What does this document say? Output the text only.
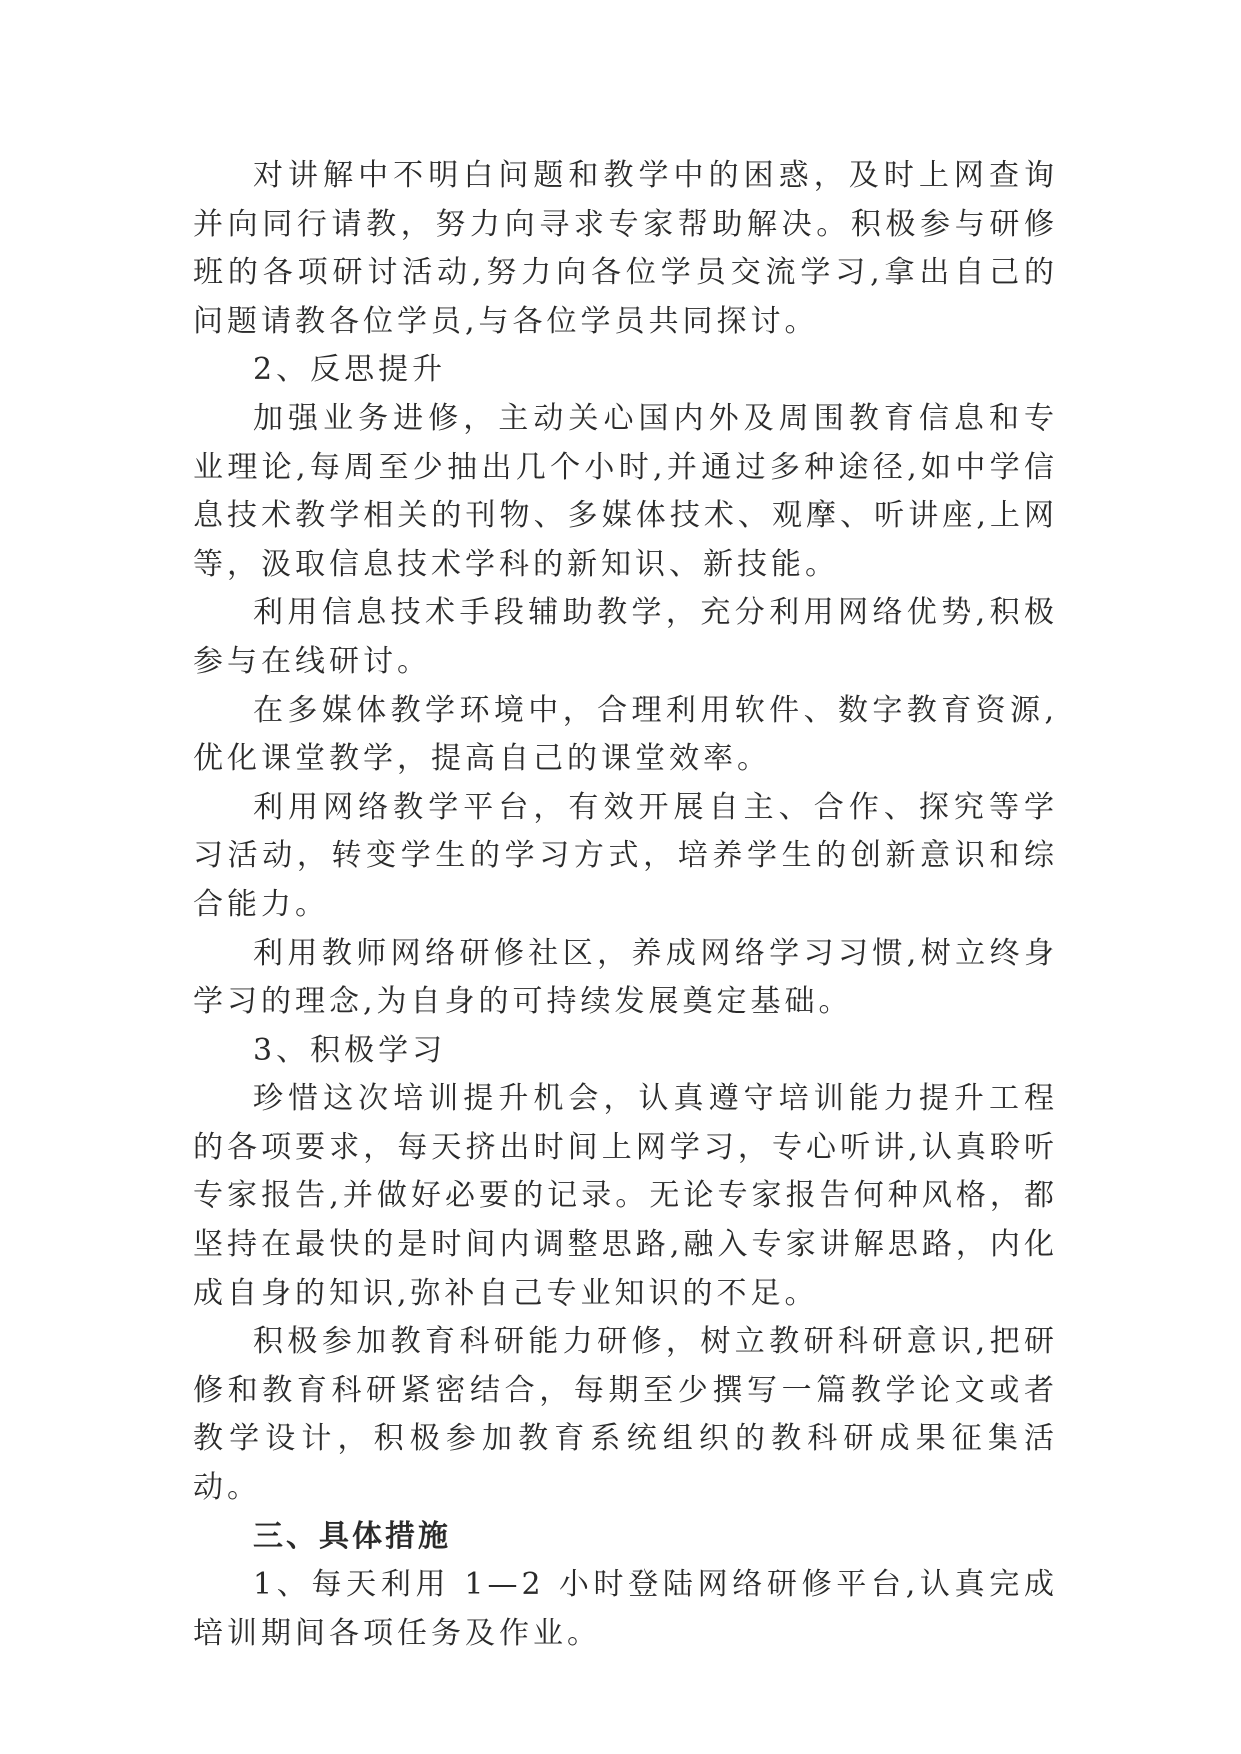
对讲解中不明白问题和教学中的困惑，及时上网查询并向同行请教，努力向寻求专家帮助解决。积极参与研修班的各项研讨活动,努力向各位学员交流学习,拿出自己的问题请教各位学员,与各位学员共同探讨。

2、反思提升

加强业务进修，主动关心国内外及周围教育信息和专业理论,每周至少抽出几个小时,并通过多种途径,如中学信息技术教学相关的刊物、多媒体技术、观摩、听讲座,上网等，汲取信息技术学科的新知识、新技能。

利用信息技术手段辅助教学，充分利用网络优势,积极参与在线研讨。

在多媒体教学环境中，合理利用软件、数字教育资源,优化课堂教学，提高自己的课堂效率。

利用网络教学平台，有效开展自主、合作、探究等学习活动，转变学生的学习方式，培养学生的创新意识和综合能力。

利用教师网络研修社区，养成网络学习习惯,树立终身学习的理念,为自身的可持续发展奠定基础。

3、积极学习

珍惜这次培训提升机会，认真遵守培训能力提升工程的各项要求，每天挤出时间上网学习，专心听讲,认真聆听专家报告,并做好必要的记录。无论专家报告何种风格，都坚持在最快的是时间内调整思路,融入专家讲解思路，内化成自身的知识,弥补自己专业知识的不足。

积极参加教育科研能力研修，树立教研科研意识,把研修和教育科研紧密结合，每期至少撰写一篇教学论文或者教学设计，积极参加教育系统组织的教科研成果征集活动。

三、具体措施

1、每天利用 1—2 小时登陆网络研修平台,认真完成培训期间各项任务及作业。
